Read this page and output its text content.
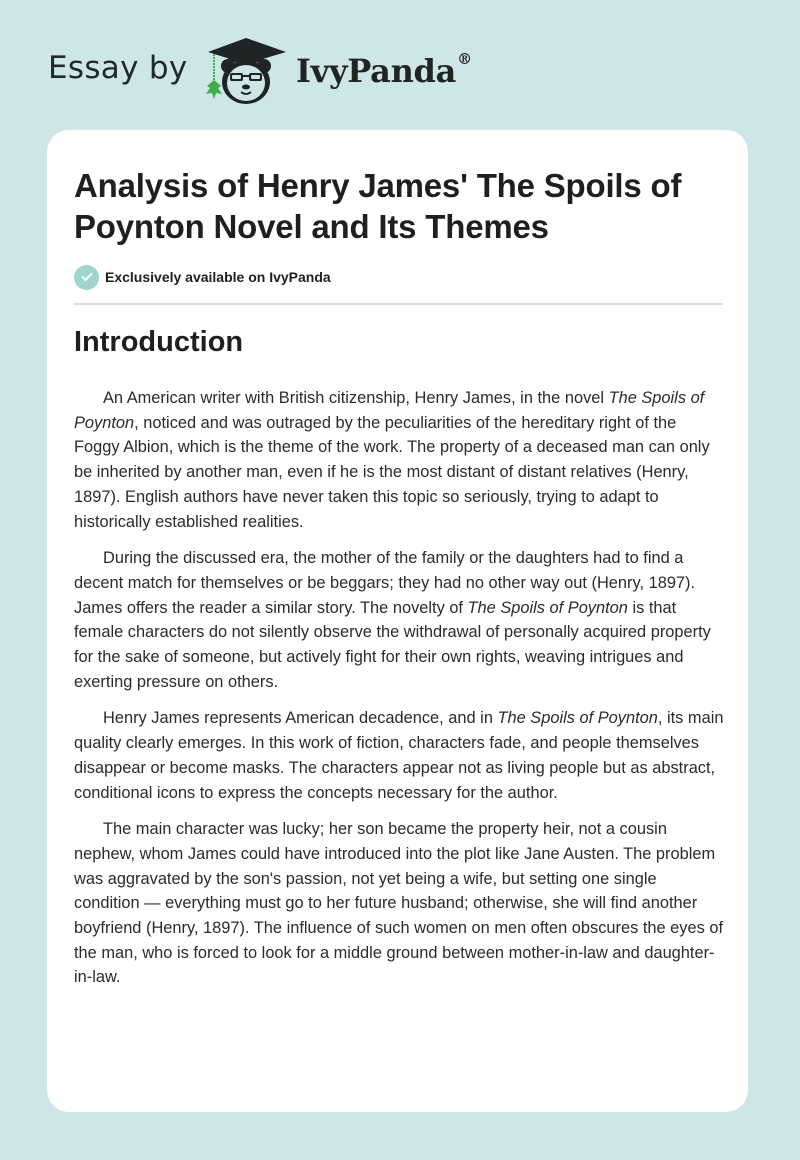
Essay by	IvyPanda®
Analysis of Henry James' The Spoils of Poynton Novel and Its Themes
Exclusively available on IvyPanda
Introduction

An American writer with British citizenship, Henry James, in the novel The Spoils of Poynton, noticed and was outraged by the peculiarities of the hereditary right of the Foggy Albion, which is the theme of the work. The property of a deceased man can only be inherited by another man, even if he is the most distant of distant relatives (Henry, 1897). English authors have never taken this topic so seriously, trying to adapt to historically established realities.

During the discussed era, the mother of the family or the daughters had to find a decent match for themselves or be beggars; they had no other way out (Henry, 1897). James offers the reader a similar story. The novelty of The Spoils of Poynton is that female characters do not silently observe the withdrawal of personally acquired property for the sake of someone, but actively fight for their own rights, weaving intrigues and exerting pressure on others.

Henry James represents American decadence, and in The Spoils of Poynton, its main quality clearly emerges. In this work of fiction, characters fade, and people themselves disappear or become masks. The characters appear not as living people but as abstract, conditional icons to express the concepts necessary for the author.

The main character was lucky; her son became the property heir, not a cousin nephew, whom James could have introduced into the plot like Jane Austen. The problem was aggravated by the son's passion, not yet being a wife, but setting one single condition — everything must go to her future husband; otherwise, she will find another boyfriend (Henry, 1897). The influence of such women on men often obscures the eyes of the man, who is forced to look for a middle ground between mother-in-law and daughter-in-law.
